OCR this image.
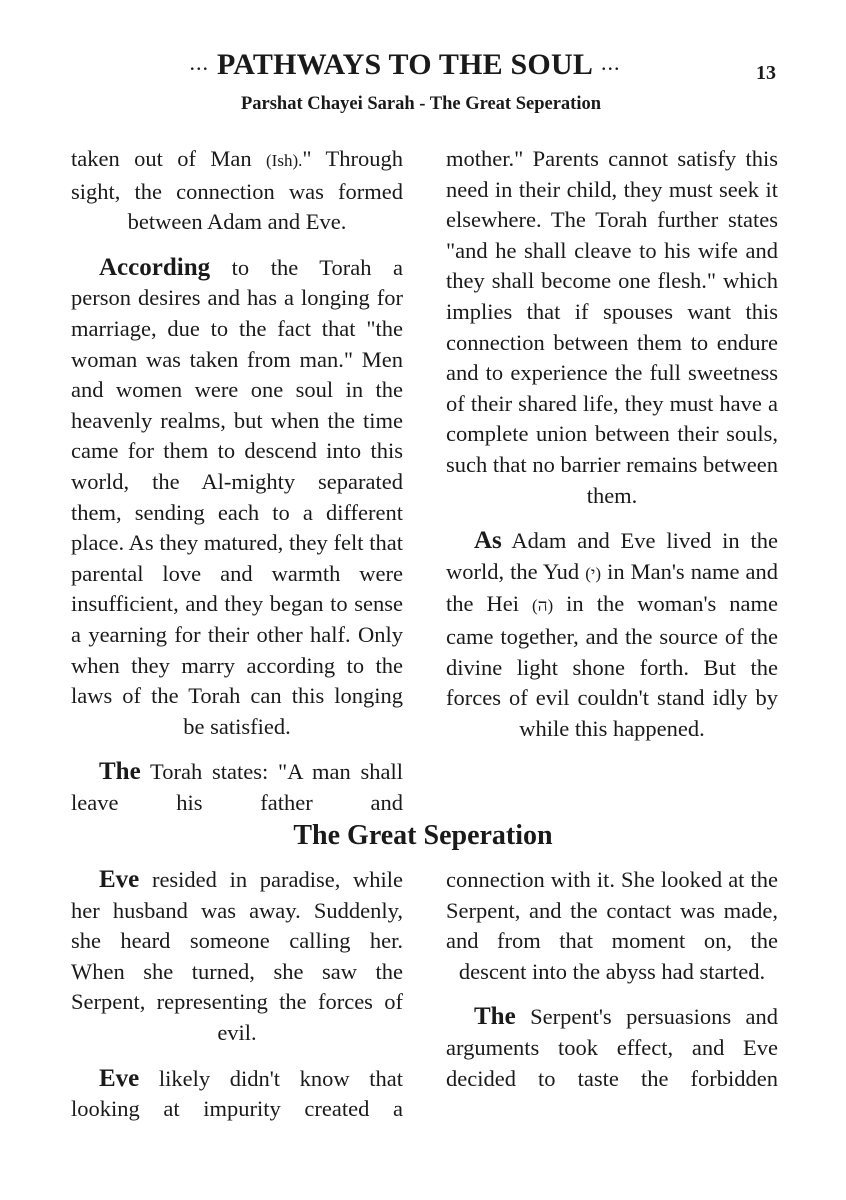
... PATHWAYS TO THE SOUL ...	13
Parshat Chayei Sarah - The Great Seperation

taken out of Man (Ish)." Through sight, the connection was formed between Adam and Eve.

According to the Torah a person desires and has a longing for marriage, due to the fact that "the woman was taken from man." Men and women were one soul in the heavenly realms, but when the time came for them to descend into this world, the Al-mighty separated them, sending each to a different place. As they matured, they felt that parental love and warmth were insufficient, and they began to sense a yearning for their other half. Only when they marry according to the laws of the Torah can this longing be satisfied.

The Torah states: "A man shall leave his father and

mother." Parents cannot satisfy this need in their child, they must seek it elsewhere. The Torah further states "and he shall cleave to his wife and they shall become one flesh." which implies that if spouses want this connection between them to endure and to experience the full sweetness of their shared life, they must have a complete union between their souls, such that no barrier remains between them.

As Adam and Eve lived in the world, the Yud (י) in Man's name and the Hei (ה) in the woman's name came together, and the source of the divine light shone forth. But the forces of evil couldn't stand idly by while this happened.

The Great Seperation

Eve resided in paradise, while her husband was away. Suddenly, she heard someone calling her. When she turned, she saw the Serpent, representing the forces of evil.

Eve likely didn't know that looking at impurity created a

connection with it. She looked at the Serpent, and the contact was made, and from that moment on, the descent into the abyss had started.

The Serpent's persuasions and arguments took effect, and Eve decided to taste the forbidden
